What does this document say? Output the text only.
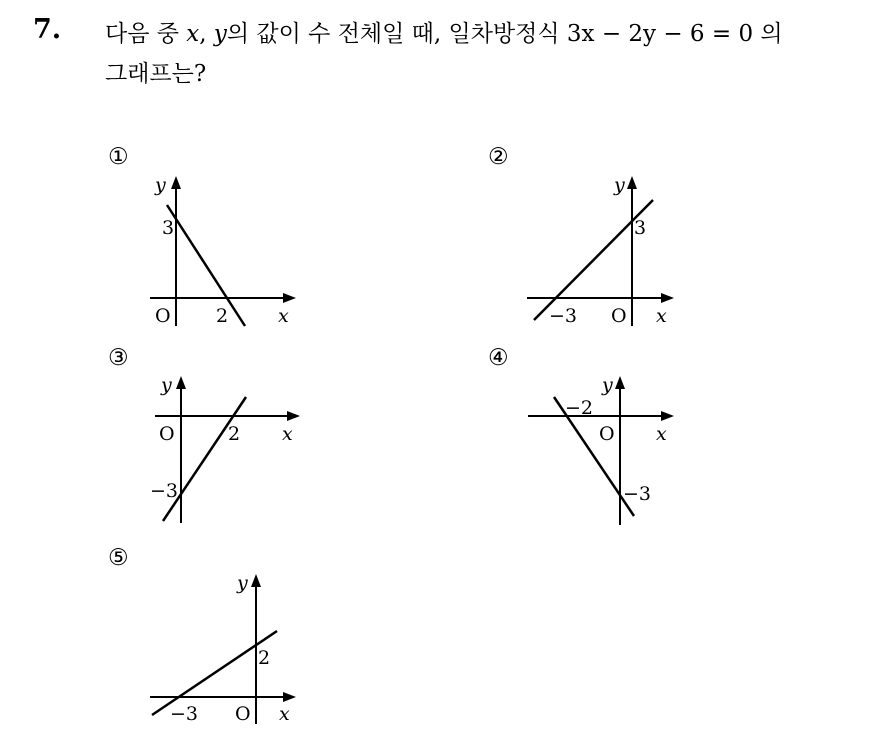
7. 다음 중 x, y의 값이 수 전체일 때, 일차방정식 3x − 2y − 6 = 0 의
그래프는?
①
y
3
O 2	x
②
y
3
−3 O x
③
y
O	2 x
−3
④
y
−2
O x
−3
⑤
y
2
−3 O x
